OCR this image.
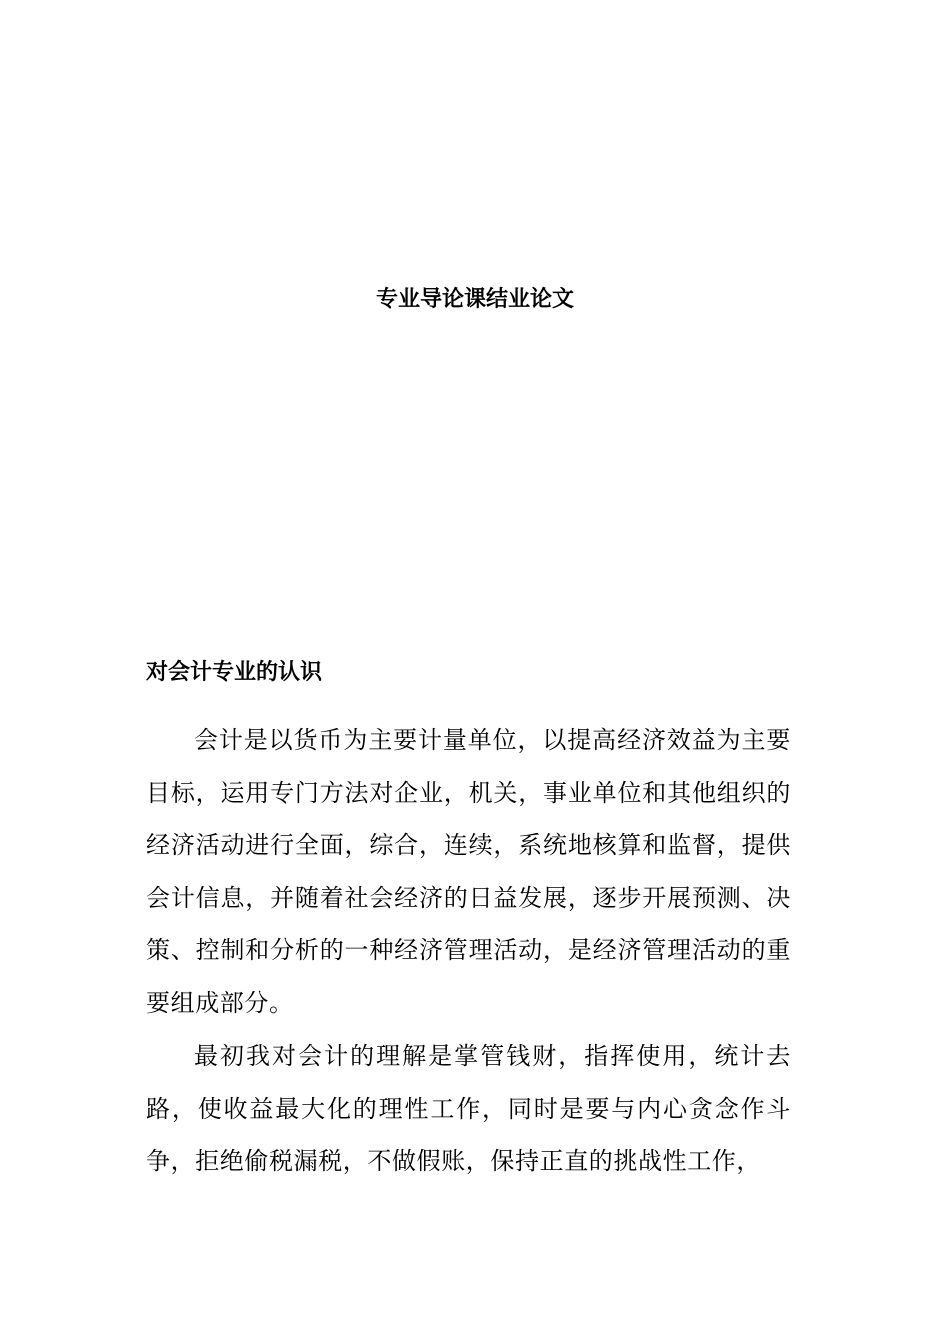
专业导论课结业论文
对会计专业的认识

会计是以货币为主要计量单位，以提高经济效益为主要目标，运用专门方法对企业，机关，事业单位和其他组织的经济活动进行全面，综合，连续，系统地核算和监督，提供会计信息，并随着社会经济的日益发展，逐步开展预测、决策、控制和分析的一种经济管理活动，是经济管理活动的重要组成部分。

最初我对会计的理解是掌管钱财，指挥使用，统计去路，使收益最大化的理性工作，同时是要与内心贪念作斗争，拒绝偷税漏税，不做假账，保持正直的挑战性工作，
